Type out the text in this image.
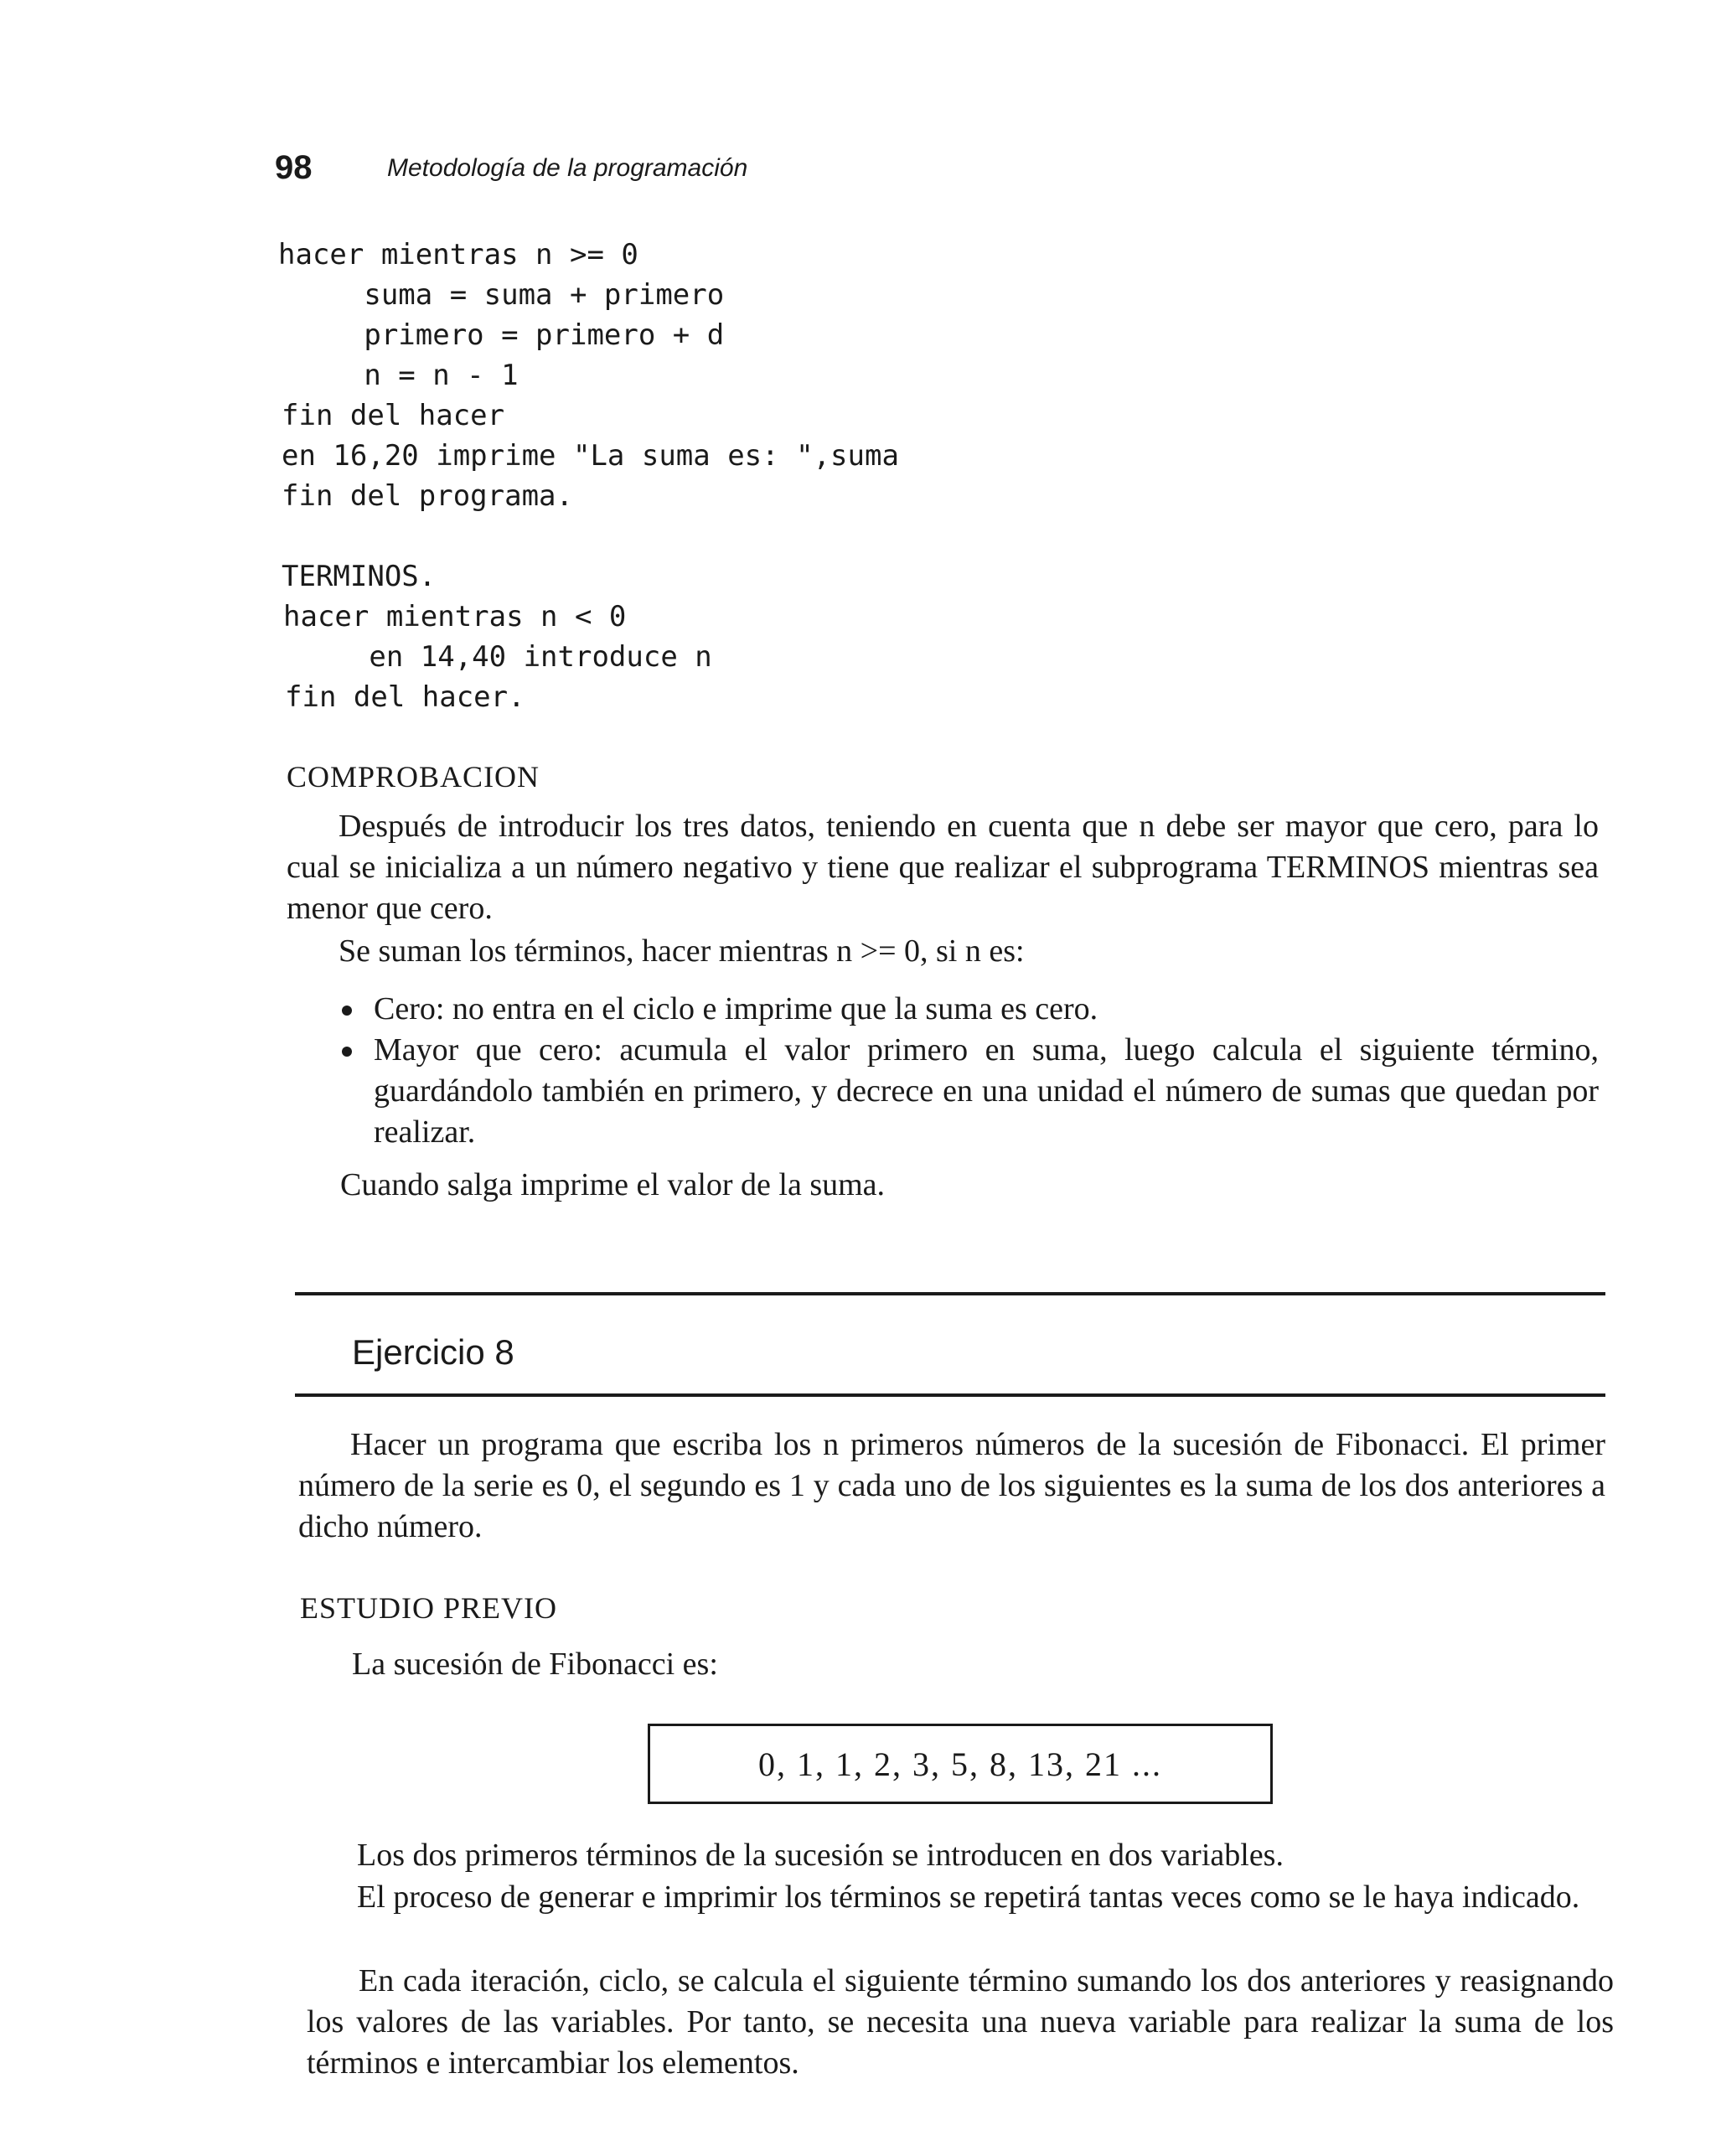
98	Metodología de la programación
hacer mientras n >= 0
suma = suma + primero
primero = primero + d
n = n - 1
fin del hacer
en 16,20 imprime "La suma es: ",suma
fin del programa.
TERMINOS.
hacer mientras n < 0
en 14,40 introduce n
fin del hacer.
COMPROBACION
Después de introducir los tres datos, teniendo en cuenta que n debe ser mayor que cero, para lo cual se inicializa a un número negativo y tiene que realizar el subprograma TERMINOS mientras sea menor que cero.
Se suman los términos, hacer mientras n >= 0, si n es:
Cero: no entra en el ciclo e imprime que la suma es cero.
Mayor que cero: acumula el valor primero en suma, luego calcula el siguiente término, guardándolo también en primero, y decrece en una unidad el número de sumas que quedan por realizar.
Cuando salga imprime el valor de la suma.
Ejercicio 8
Hacer un programa que escriba los n primeros números de la sucesión de Fibonacci. El primer número de la serie es 0, el segundo es 1 y cada uno de los siguientes es la suma de los dos anteriores a dicho número.
ESTUDIO PREVIO
La sucesión de Fibonacci es:
0, 1, 1, 2, 3, 5, 8, 13, 21 ...
Los dos primeros términos de la sucesión se introducen en dos variables.
El proceso de generar e imprimir los términos se repetirá tantas veces como se le haya indicado.
En cada iteración, ciclo, se calcula el siguiente término sumando los dos anteriores y reasignando los valores de las variables. Por tanto, se necesita una nueva variable para realizar la suma de los términos e intercambiar los elementos.
